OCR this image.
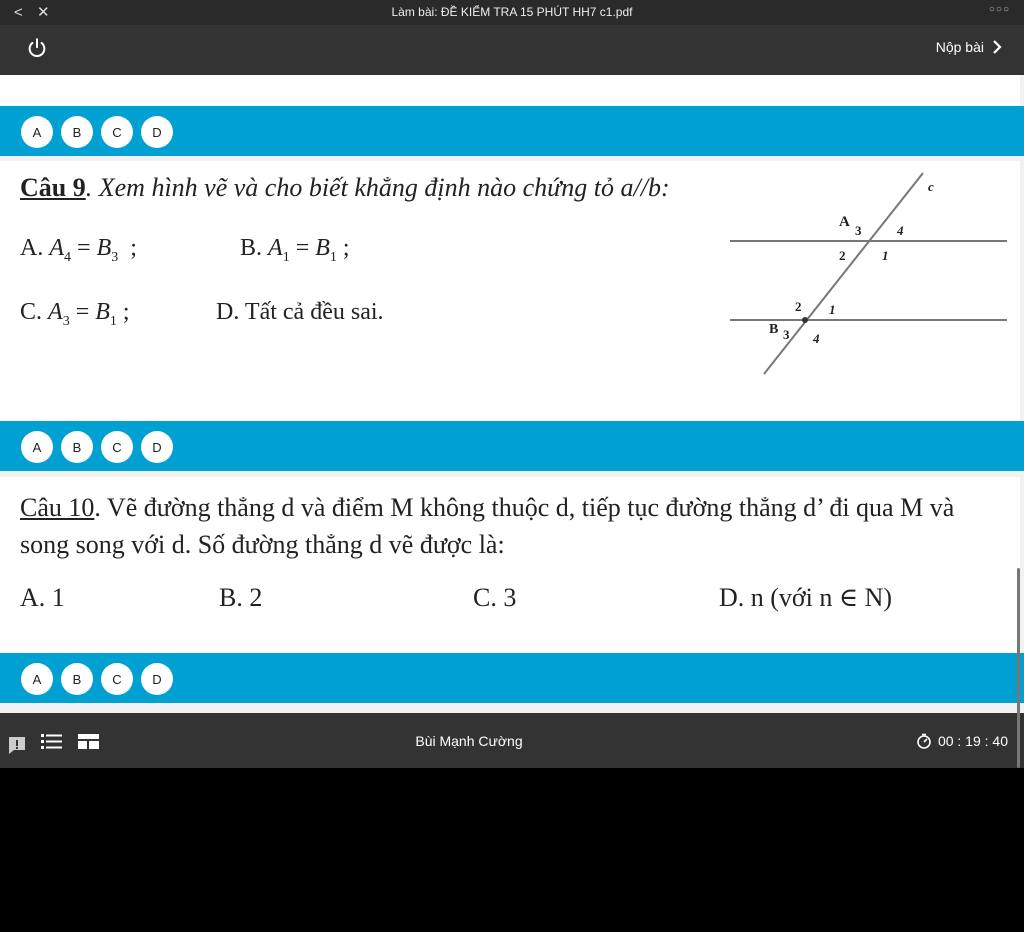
< ✕	Làm bài: ĐỀ KIỂM TRA 15 PHÚT HH7 c1.pdf	○○○
Nộp bài
A	B	C	D
Câu 9. Xem hình vẽ và cho biết khẳng định nào chứng tỏ a//b:
A. $A_4 = B_3$ ;	B. $A_1 = B_1$ ;
C. $A_3 = B_1$ ;	D. Tất cả đều sai.
c
A
3	4
2	1
2 1
B 3 4
A	B	C	D
Câu 10. Vẽ đường thẳng d và điểm M không thuộc d, tiếp tục đường thẳng d’ đi qua M và song song với d. Số đường thẳng d vẽ được là:
A. 1	B. 2	C. 3	D. n (với n ∈ N)
A	B	C	D
Bùi Mạnh Cường	00 : 19 : 40
